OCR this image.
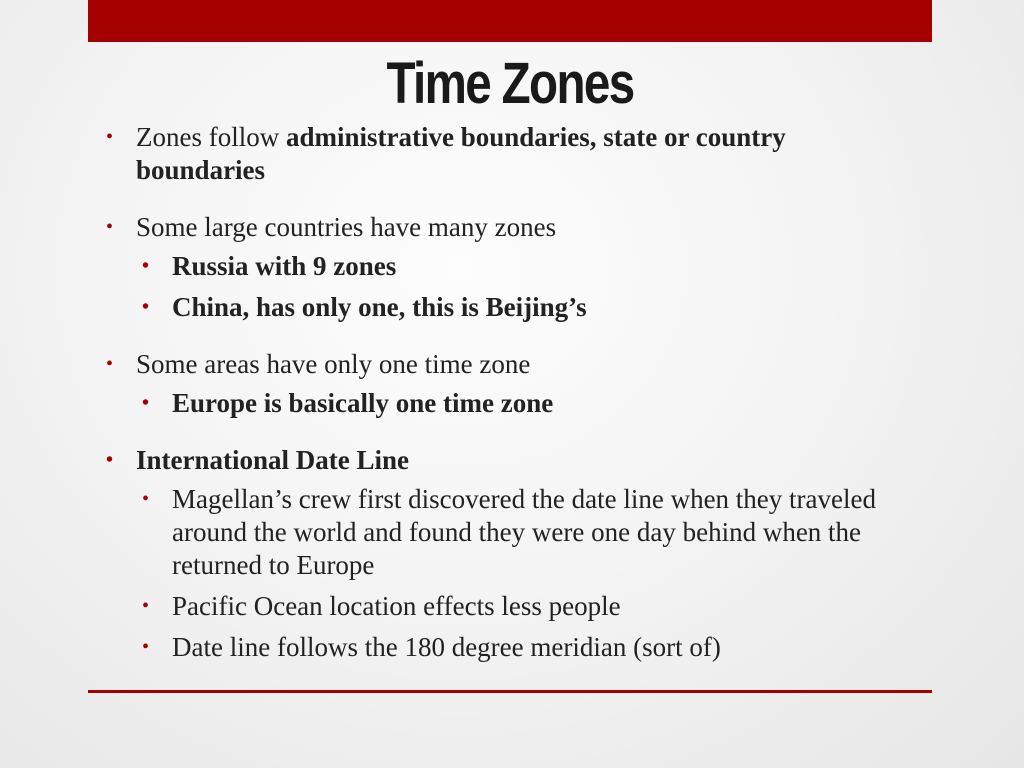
Time Zones
• Zones follow administrative boundaries, state or country boundaries
• Some large countries have many zones
• Russia with 9 zones
• China, has only one, this is Beijing’s
• Some areas have only one time zone
• Europe is basically one time zone
• International Date Line
• Magellan’s crew first discovered the date line when they traveled around the world and found they were one day behind when the returned to Europe
• Pacific Ocean location effects less people
• Date line follows the 180 degree meridian (sort of)
